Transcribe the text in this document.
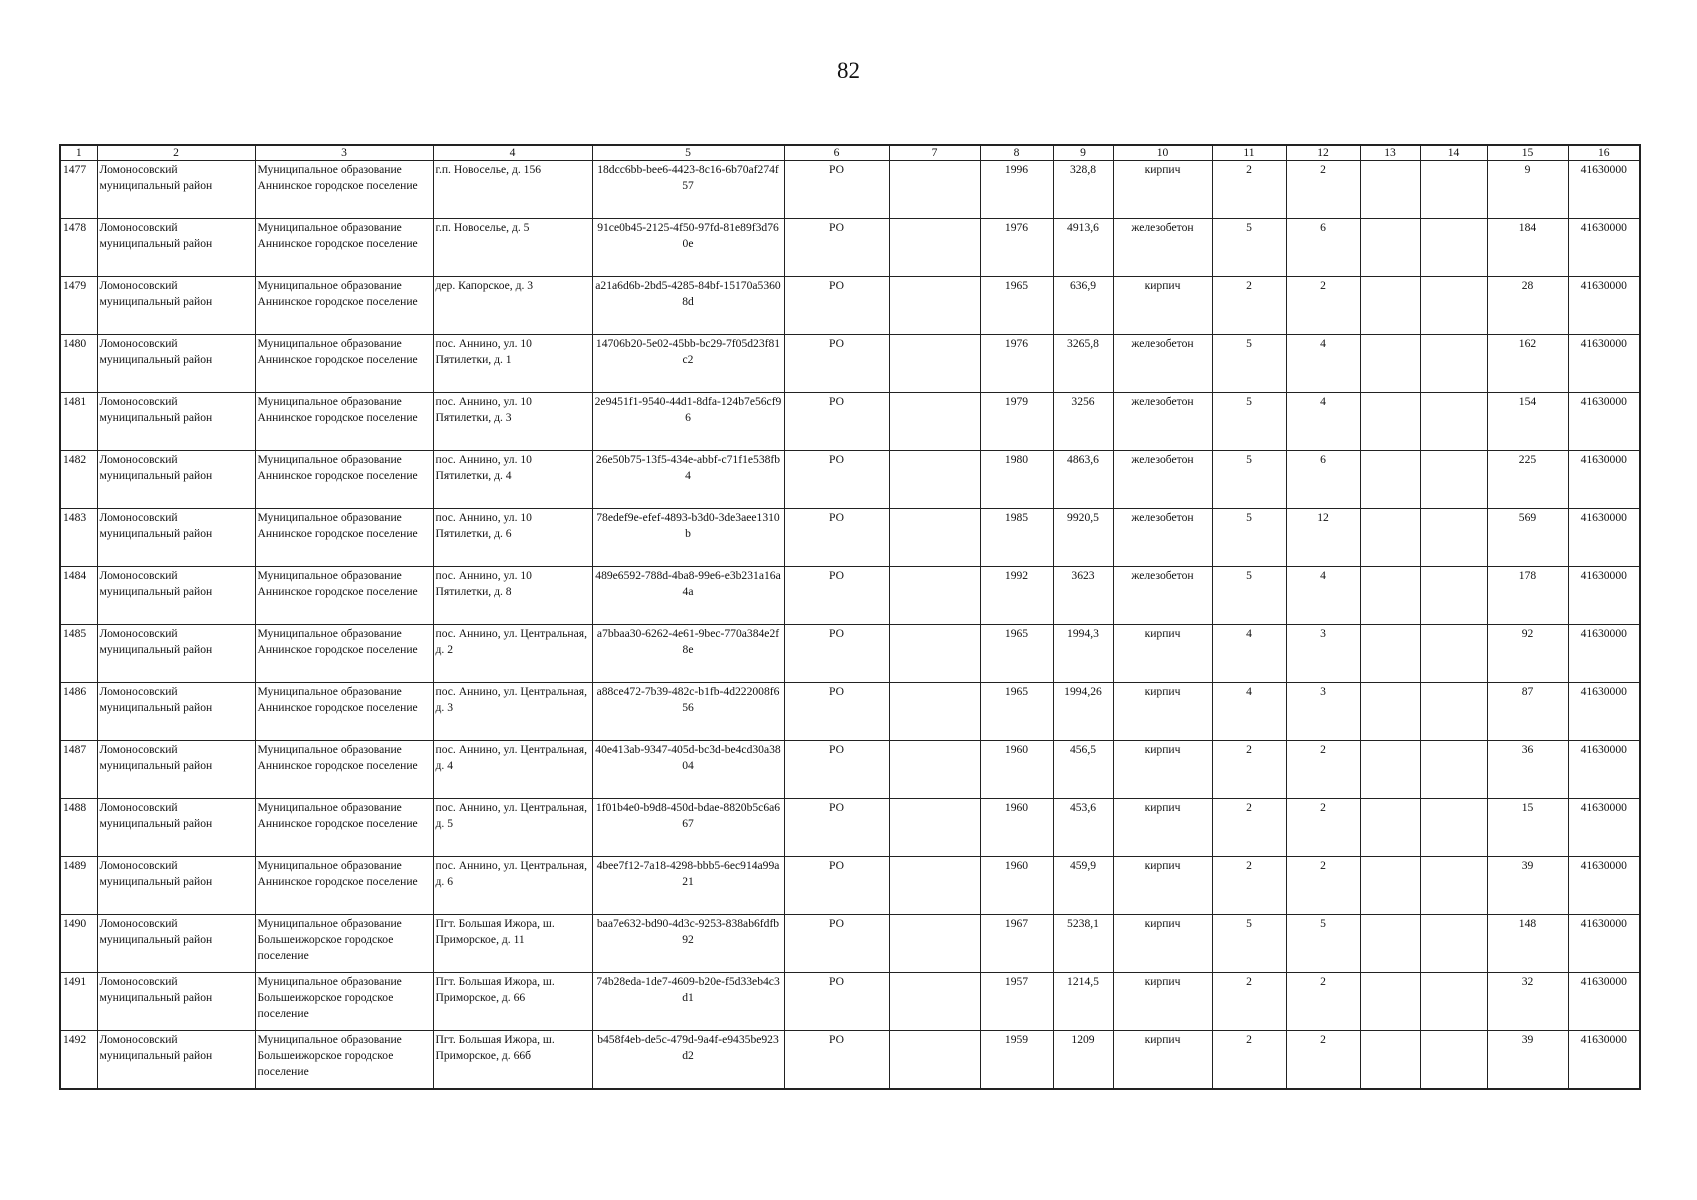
82
1	2	3	4	5	6	7	8	9	10	11	12	13	14	15	16
1477	Ломоносовский муниципальный район	Муниципальное образование Аннинское городское поселение	г.п. Новоселье, д. 156	18dcc6bb-bee6-4423-8c16-6b70af274f57	РО		1996	328,8	кирпич	2	2			9	41630000
1478	Ломоносовский муниципальный район	Муниципальное образование Аннинское городское поселение	г.п. Новоселье, д. 5	91ce0b45-2125-4f50-97fd-81e89f3d760e	РО		1976	4913,6	железобетон	5	6			184	41630000
1479	Ломоносовский муниципальный район	Муниципальное образование Аннинское городское поселение	дер. Капорское, д. 3	a21a6d6b-2bd5-4285-84bf-15170a53608d	РО		1965	636,9	кирпич	2	2			28	41630000
1480	Ломоносовский муниципальный район	Муниципальное образование Аннинское городское поселение	пос. Аннино, ул. 10 Пятилетки, д. 1	14706b20-5e02-45bb-bc29-7f05d23f81c2	РО		1976	3265,8	железобетон	5	4			162	41630000
1481	Ломоносовский муниципальный район	Муниципальное образование Аннинское городское поселение	пос. Аннино, ул. 10 Пятилетки, д. 3	2e9451f1-9540-44d1-8dfa-124b7e56cf96	РО		1979	3256	железобетон	5	4			154	41630000
1482	Ломоносовский муниципальный район	Муниципальное образование Аннинское городское поселение	пос. Аннино, ул. 10 Пятилетки, д. 4	26e50b75-13f5-434e-abbf-c71f1e538fb4	РО		1980	4863,6	железобетон	5	6			225	41630000
1483	Ломоносовский муниципальный район	Муниципальное образование Аннинское городское поселение	пос. Аннино, ул. 10 Пятилетки, д. 6	78edef9e-efef-4893-b3d0-3de3aee1310b	РО		1985	9920,5	железобетон	5	12			569	41630000
1484	Ломоносовский муниципальный район	Муниципальное образование Аннинское городское поселение	пос. Аннино, ул. 10 Пятилетки, д. 8	489e6592-788d-4ba8-99e6-e3b231a16a4a	РО		1992	3623	железобетон	5	4			178	41630000
1485	Ломоносовский муниципальный район	Муниципальное образование Аннинское городское поселение	пос. Аннино, ул. Центральная, д. 2	a7bbaa30-6262-4e61-9bec-770a384e2f8e	РО		1965	1994,3	кирпич	4	3			92	41630000
1486	Ломоносовский муниципальный район	Муниципальное образование Аннинское городское поселение	пос. Аннино, ул. Центральная, д. 3	a88ce472-7b39-482c-b1fb-4d222008f656	РО		1965	1994,26	кирпич	4	3			87	41630000
1487	Ломоносовский муниципальный район	Муниципальное образование Аннинское городское поселение	пос. Аннино, ул. Центральная, д. 4	40e413ab-9347-405d-bc3d-be4cd30a3804	РО		1960	456,5	кирпич	2	2			36	41630000
1488	Ломоносовский муниципальный район	Муниципальное образование Аннинское городское поселение	пос. Аннино, ул. Центральная, д. 5	1f01b4e0-b9d8-450d-bdae-8820b5c6a667	РО		1960	453,6	кирпич	2	2			15	41630000
1489	Ломоносовский муниципальный район	Муниципальное образование Аннинское городское поселение	пос. Аннино, ул. Центральная, д. 6	4bee7f12-7a18-4298-bbb5-6ec914a99a21	РО		1960	459,9	кирпич	2	2			39	41630000
1490	Ломоносовский муниципальный район	Муниципальное образование Большеижорское городское поселение	Пгт. Большая Ижора, ш. Приморское, д. 11	baa7e632-bd90-4d3c-9253-838ab6fdfb92	РО		1967	5238,1	кирпич	5	5			148	41630000
1491	Ломоносовский муниципальный район	Муниципальное образование Большеижорское городское поселение	Пгт. Большая Ижора, ш. Приморское, д. 66	74b28eda-1de7-4609-b20e-f5d33eb4c3d1	РО		1957	1214,5	кирпич	2	2			32	41630000
1492	Ломоносовский муниципальный район	Муниципальное образование Большеижорское городское поселение	Пгт. Большая Ижора, ш. Приморское, д. 66б	b458f4eb-de5c-479d-9a4f-e9435be923d2	РО		1959	1209	кирпич	2	2			39	41630000
